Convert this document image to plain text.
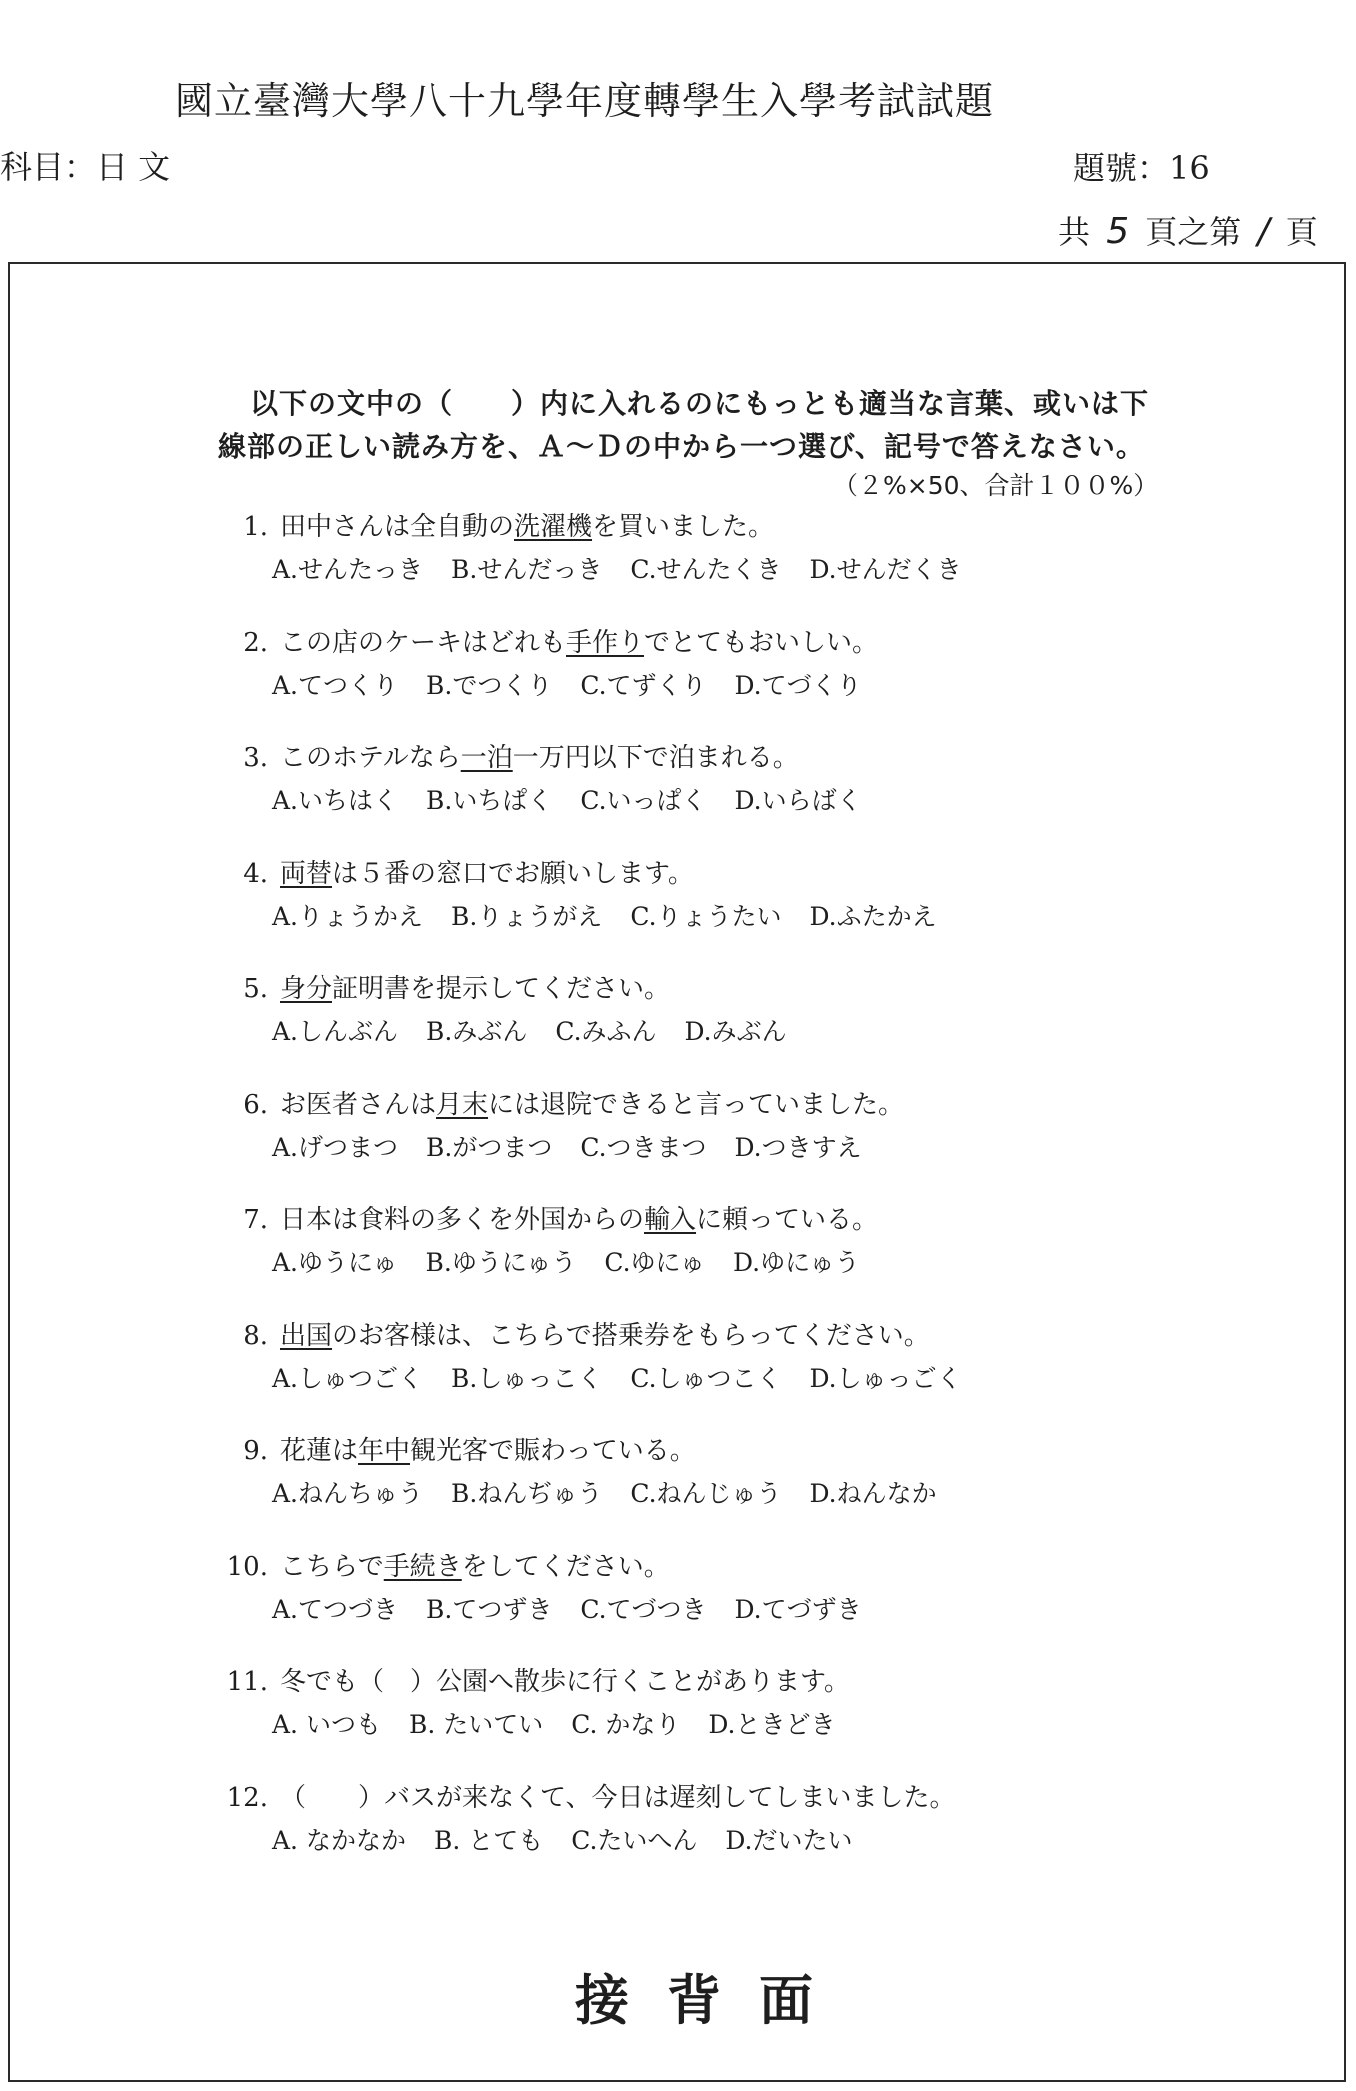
國立臺灣大學八十九學年度轉學生入學考試試題
科目：日 文	題號：16
共 5 頁之第 / 頁
以下の文中の（　　）内に入れるのにもっとも適当な言葉、或いは下
線部の正しい読み方を、Ａ～Ｄの中から一つ選び、記号で答えなさい。
（２%×50、合計１００%）
1. 田中さんは全自動の洗濯機を買いました。
A.せんたっき B.せんだっき C.せんたくき D.せんだくき
2. この店のケーキはどれも手作りでとてもおいしい。
A.てつくり B.でつくり C.てずくり D.てづくり
3. このホテルなら一泊一万円以下で泊まれる。
A.いちはく B.いちぱく C.いっぱく D.いらばく
4. 両替は５番の窓口でお願いします。
A.りょうかえ B.りょうがえ C.りょうたい D.ふたかえ
5. 身分証明書を提示してください。
A.しんぶん B.みぶん C.みふん D.みぶん
6. お医者さんは月末には退院できると言っていました。
A.げつまつ B.がつまつ C.つきまつ D.つきすえ
7. 日本は食料の多くを外国からの輸入に頼っている。
A.ゆうにゅ B.ゆうにゅう C.ゆにゅ D.ゆにゅう
8. 出国のお客様は、こちらで搭乗券をもらってください。
A.しゅつごく B.しゅっこく C.しゅつこく D.しゅっごく
9. 花蓮は年中観光客で賑わっている。
A.ねんちゅう B.ねんぢゅう C.ねんじゅう D.ねんなか
10. こちらで手続きをしてください。
A.てつづき B.てつずき C.てづつき D.てづずき
11. 冬でも（　）公園へ散歩に行くことがあります。
A. いつも B. たいてい C. かなり D.ときどき
12. （　　）バスが来なくて、今日は遅刻してしまいました。
A. なかなか B. とても C.たいへん D.だいたい
接背面
